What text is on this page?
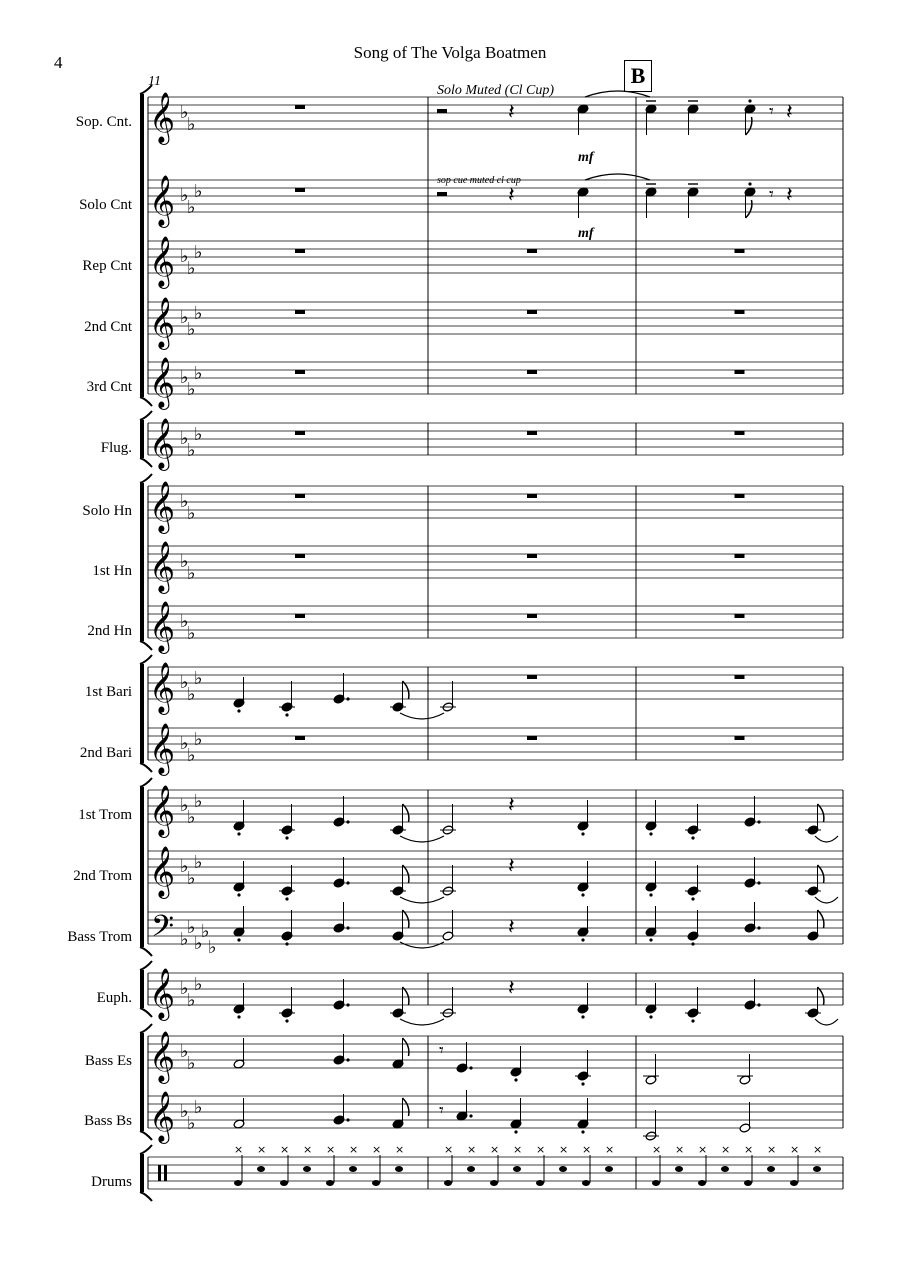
4
Song of The Volga Boatmen
B
11
Solo Muted (Cl Cup)
sop cue muted cl cup
mf
mf
Sop. Cnt.
Solo Cnt
Rep Cnt
2nd Cnt
3rd Cnt
Flug.
Solo Hn
1st Hn
2nd Hn
1st Bari
2nd Bari
1st Trom
2nd Trom
Bass Trom
Euph.
Bass Es
Bass Bs
Drums
𝄞 ♭
♭
𝄞 ♭
♭
♭
𝄞 ♭
♭
♭
𝄞 ♭
♭
♭
𝄞 ♭
♭
♭
𝄞 ♭
♭
♭
𝄞 ♭
♭
𝄞 ♭
♭
𝄞 ♭
♭
𝄞 ♭
♭
♭
𝄞 ♭
♭
♭
𝄞 ♭
♭
♭
𝄞 ♭
♭
♭
𝄢 ♭
♭
♭
♭
♭
𝄞 ♭
♭
♭
𝄞 ♭
♭
𝄞 ♭
♭
♭
𝄽	𝄾 𝄽
𝄽	𝄾 𝄽
𝄽
𝄽
𝄽
𝄽
𝄾
𝄾
× × × × × × × ×	× × × × × × × ×	× × × × × × × ×
